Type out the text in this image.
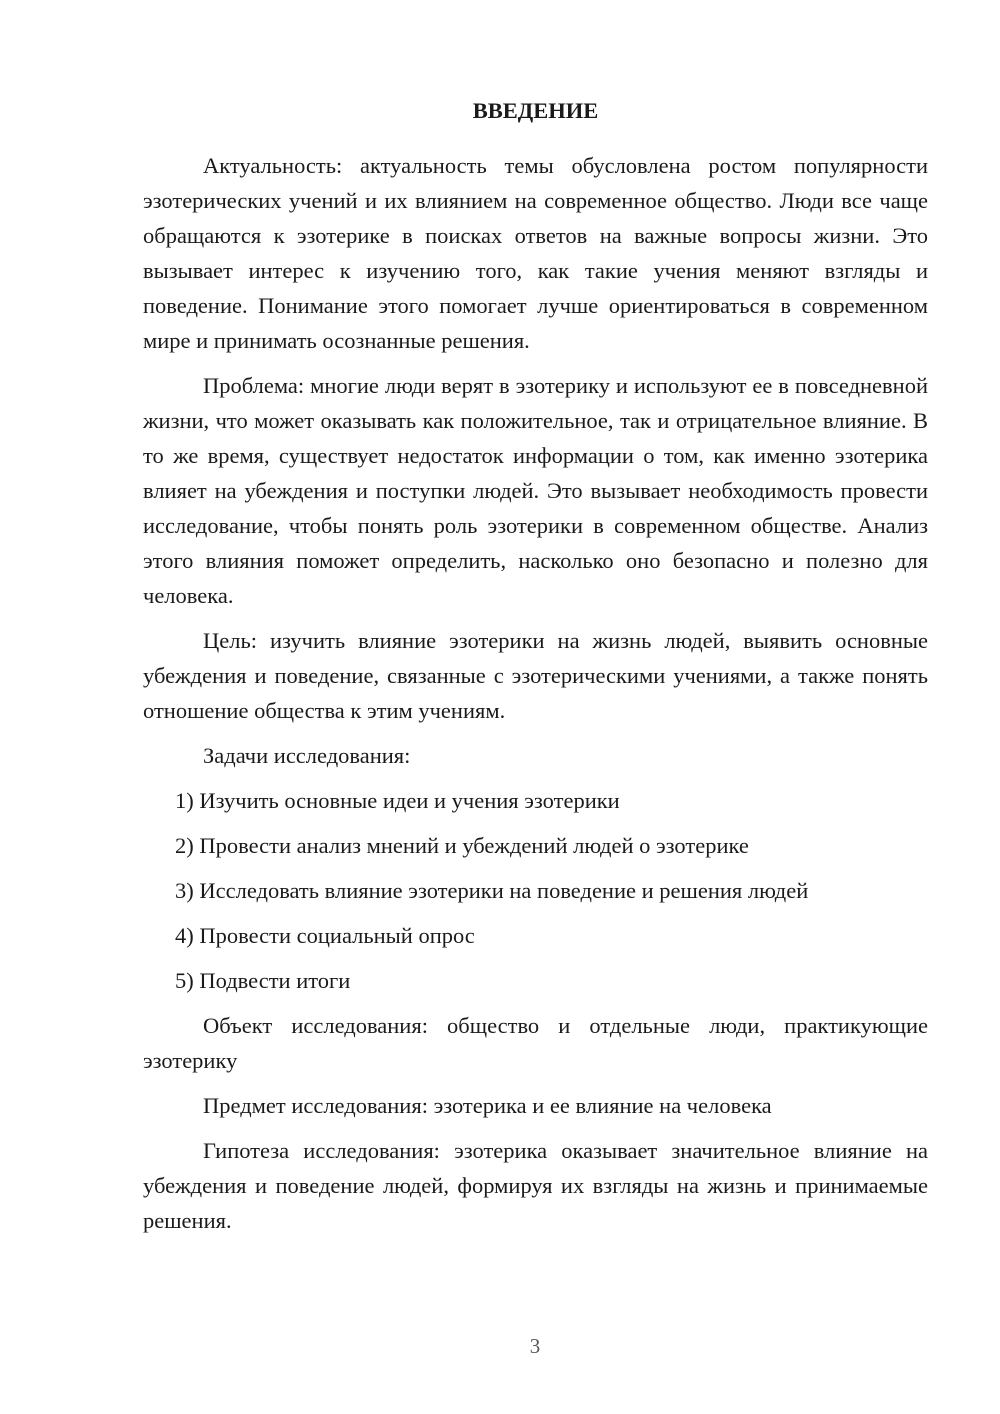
ВВЕДЕНИЕ

Актуальность: актуальность темы обусловлена ростом популярности эзотерических учений и их влиянием на современное общество. Люди все чаще обращаются к эзотерике в поисках ответов на важные вопросы жизни. Это вызывает интерес к изучению того, как такие учения меняют взгляды и поведение. Понимание этого помогает лучше ориентироваться в современном мире и принимать осознанные решения.

Проблема: многие люди верят в эзотерику и используют ее в повседневной жизни, что может оказывать как положительное, так и отрицательное влияние. В то же время, существует недостаток информации о том, как именно эзотерика влияет на убеждения и поступки людей. Это вызывает необходимость провести исследование, чтобы понять роль эзотерики в современном обществе. Анализ этого влияния поможет определить, насколько оно безопасно и полезно для человека.

Цель: изучить влияние эзотерики на жизнь людей, выявить основные убеждения и поведение, связанные с эзотерическими учениями, а также понять отношение общества к этим учениям.

Задачи исследования:

1) Изучить основные идеи и учения эзотерики

2) Провести анализ мнений и убеждений людей о эзотерике

3) Исследовать влияние эзотерики на поведение и решения людей

4) Провести социальный опрос

5) Подвести итоги

Объект исследования: общество и отдельные люди, практикующие эзотерику

Предмет исследования: эзотерика и ее влияние на человека

Гипотеза исследования: эзотерика оказывает значительное влияние на убеждения и поведение людей, формируя их взгляды на жизнь и принимаемые решения.

3
